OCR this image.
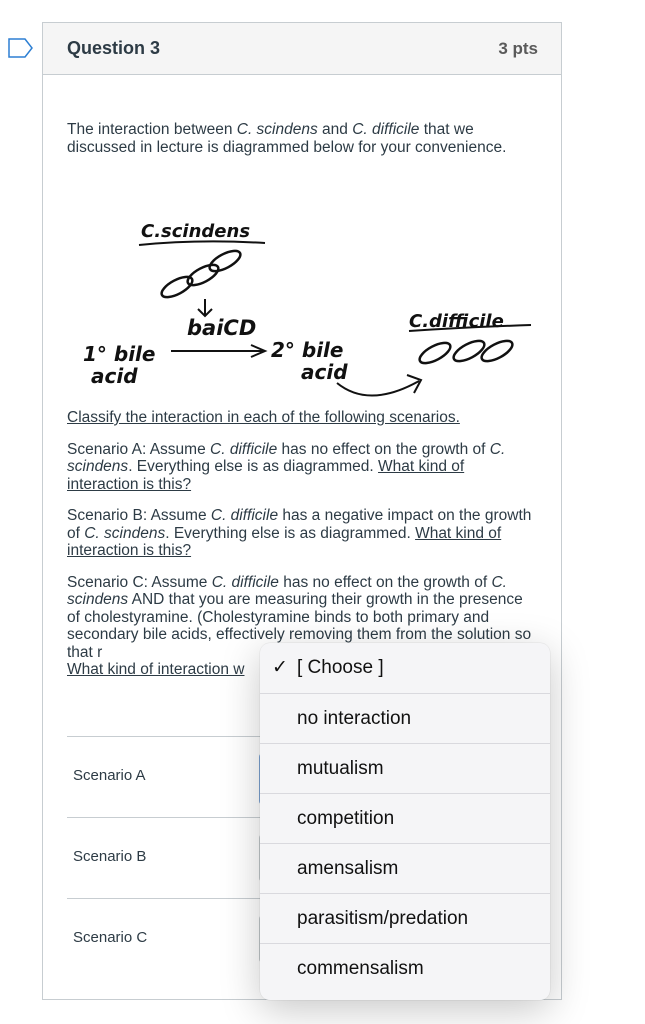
Question 3	3 pts

The interaction between C. scindens and C. difficile that we discussed in lecture is diagrammed below for your convenience.

C.scindens
baiCD
1° bile
acid
2° bile
acid
C.difficile

Classify the interaction in each of the following scenarios.

Scenario A: Assume C. difficile has no effect on the growth of C. scindens. Everything else is as diagrammed. What kind of interaction is this?

Scenario B: Assume C. difficile has a negative impact on the growth of C. scindens. Everything else is as diagrammed. What kind of interaction is this?

Scenario C: Assume C. difficile has no effect on the growth of C. scindens AND that you are measuring their growth in the presence of cholestyramine. (Cholestyramine binds to both primary and secondary bile acids, effectively removing them from the solution so that r
What kind of interaction w

Scenario A
Scenario B
Scenario C
✓ [ Choose ]
no interaction
mutualism
competition
amensalism
parasitism/predation
commensalism
